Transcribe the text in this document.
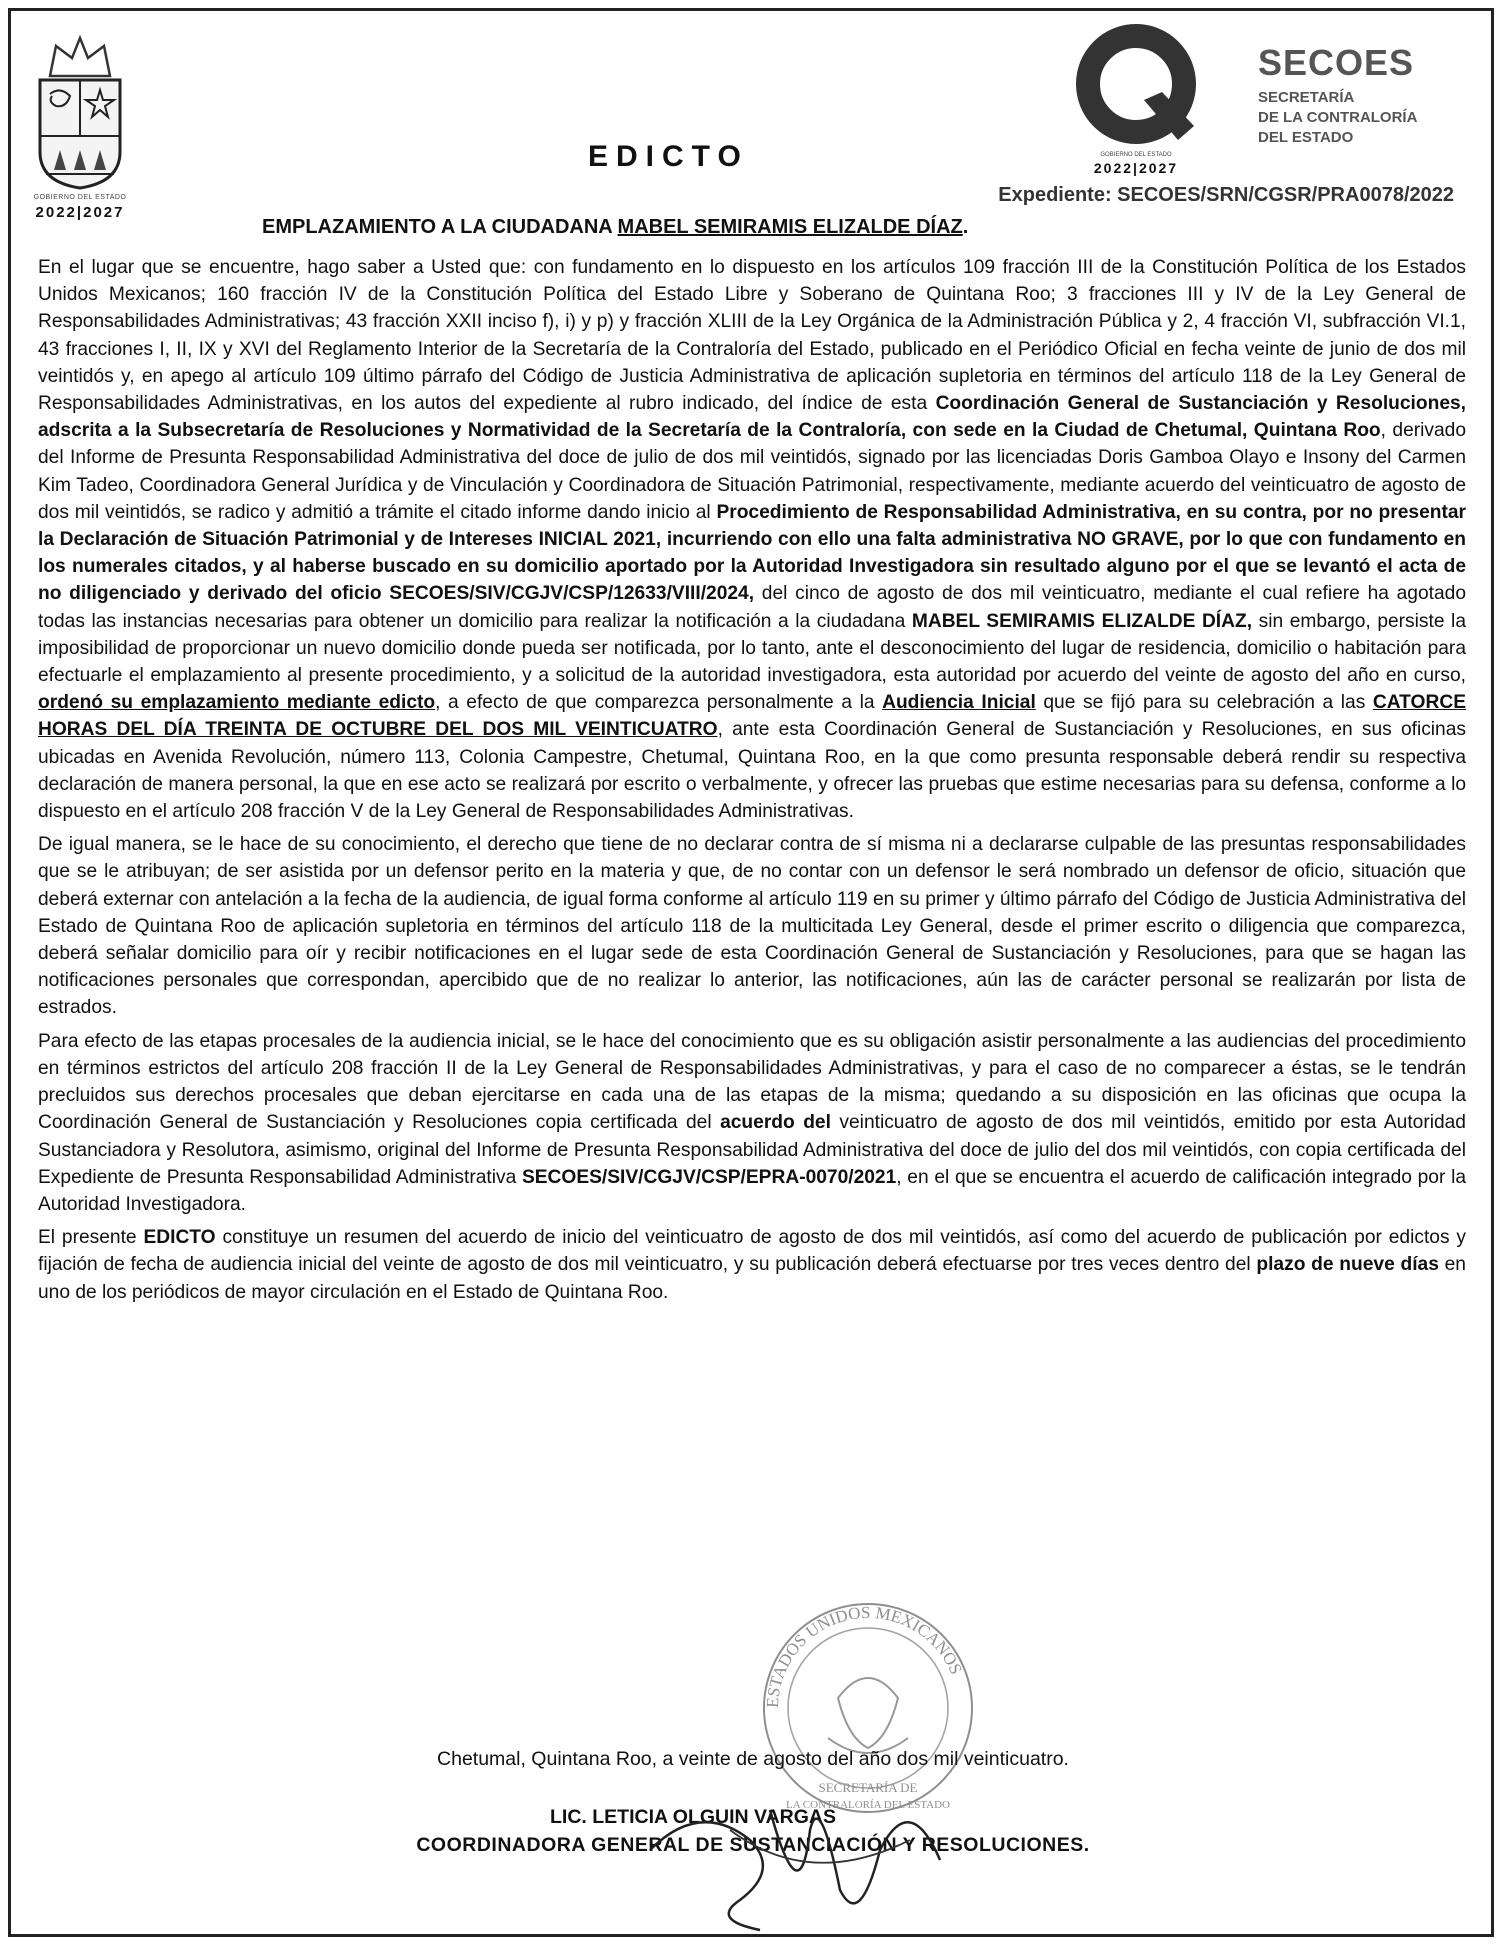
GOBIERNO DEL ESTADO
2022|2027
GOBIERNO DEL ESTADO
2022|2027
SECOES
SECRETARÍA
DE LA CONTRALORÍA
DEL ESTADO
EDICTO
Expediente: SECOES/SRN/CGSR/PRA0078/2022
EMPLAZAMIENTO A LA CIUDADANA MABEL SEMIRAMIS ELIZALDE DÍAZ.

En el lugar que se encuentre, hago saber a Usted que: con fundamento en lo dispuesto en los artículos 109 fracción III de la Constitución Política de los Estados Unidos Mexicanos; 160 fracción IV de la Constitución Política del Estado Libre y Soberano de Quintana Roo; 3 fracciones III y IV de la Ley General de Responsabilidades Administrativas; 43 fracción XXII inciso f), i) y p) y fracción XLIII de la Ley Orgánica de la Administración Pública y 2, 4 fracción VI, subfracción VI.1, 43 fracciones I, II, IX y XVI del Reglamento Interior de la Secretaría de la Contraloría del Estado, publicado en el Periódico Oficial en fecha veinte de junio de dos mil veintidós y, en apego al artículo 109 último párrafo del Código de Justicia Administrativa de aplicación supletoria en términos del artículo 118 de la Ley General de Responsabilidades Administrativas, en los autos del expediente al rubro indicado, del índice de esta Coordinación General de Sustanciación y Resoluciones, adscrita a la Subsecretaría de Resoluciones y Normatividad de la Secretaría de la Contraloría, con sede en la Ciudad de Chetumal, Quintana Roo, derivado del Informe de Presunta Responsabilidad Administrativa del doce de julio de dos mil veintidós, signado por las licenciadas Doris Gamboa Olayo e Insony del Carmen Kim Tadeo, Coordinadora General Jurídica y de Vinculación y Coordinadora de Situación Patrimonial, respectivamente, mediante acuerdo del veinticuatro de agosto de dos mil veintidós, se radico y admitió a trámite el citado informe dando inicio al Procedimiento de Responsabilidad Administrativa, en su contra, por no presentar la Declaración de Situación Patrimonial y de Intereses INICIAL 2021, incurriendo con ello una falta administrativa NO GRAVE, por lo que con fundamento en los numerales citados, y al haberse buscado en su domicilio aportado por la Autoridad Investigadora sin resultado alguno por el que se levantó el acta de no diligenciado y derivado del oficio SECOES/SIV/CGJV/CSP/12633/VIII/2024, del cinco de agosto de dos mil veinticuatro, mediante el cual refiere ha agotado todas las instancias necesarias para obtener un domicilio para realizar la notificación a la ciudadana MABEL SEMIRAMIS ELIZALDE DÍAZ, sin embargo, persiste la imposibilidad de proporcionar un nuevo domicilio donde pueda ser notificada, por lo tanto, ante el desconocimiento del lugar de residencia, domicilio o habitación para efectuarle el emplazamiento al presente procedimiento, y a solicitud de la autoridad investigadora, esta autoridad por acuerdo del veinte de agosto del año en curso, ordenó su emplazamiento mediante edicto, a efecto de que comparezca personalmente a la Audiencia Inicial que se fijó para su celebración a las CATORCE HORAS DEL DÍA TREINTA DE OCTUBRE DEL DOS MIL VEINTICUATRO, ante esta Coordinación General de Sustanciación y Resoluciones, en sus oficinas ubicadas en Avenida Revolución, número 113, Colonia Campestre, Chetumal, Quintana Roo, en la que como presunta responsable deberá rendir su respectiva declaración de manera personal, la que en ese acto se realizará por escrito o verbalmente, y ofrecer las pruebas que estime necesarias para su defensa, conforme a lo dispuesto en el artículo 208 fracción V de la Ley General de Responsabilidades Administrativas.

De igual manera, se le hace de su conocimiento, el derecho que tiene de no declarar contra de sí misma ni a declararse culpable de las presuntas responsabilidades que se le atribuyan; de ser asistida por un defensor perito en la materia y que, de no contar con un defensor le será nombrado un defensor de oficio, situación que deberá externar con antelación a la fecha de la audiencia, de igual forma conforme al artículo 119 en su primer y último párrafo del Código de Justicia Administrativa del Estado de Quintana Roo de aplicación supletoria en términos del artículo 118 de la multicitada Ley General, desde el primer escrito o diligencia que comparezca, deberá señalar domicilio para oír y recibir notificaciones en el lugar sede de esta Coordinación General de Sustanciación y Resoluciones, para que se hagan las notificaciones personales que correspondan, apercibido que de no realizar lo anterior, las notificaciones, aún las de carácter personal se realizarán por lista de estrados.

Para efecto de las etapas procesales de la audiencia inicial, se le hace del conocimiento que es su obligación asistir personalmente a las audiencias del procedimiento en términos estrictos del artículo 208 fracción II de la Ley General de Responsabilidades Administrativas, y para el caso de no comparecer a éstas, se le tendrán precluidos sus derechos procesales que deban ejercitarse en cada una de las etapas de la misma; quedando a su disposición en las oficinas que ocupa la Coordinación General de Sustanciación y Resoluciones copia certificada del acuerdo del veinticuatro de agosto de dos mil veintidós, emitido por esta Autoridad Sustanciadora y Resolutora, asimismo, original del Informe de Presunta Responsabilidad Administrativa del doce de julio del dos mil veintidós, con copia certificada del Expediente de Presunta Responsabilidad Administrativa SECOES/SIV/CGJV/CSP/EPRA-0070/2021, en el que se encuentra el acuerdo de calificación integrado por la Autoridad Investigadora.

El presente EDICTO constituye un resumen del acuerdo de inicio del veinticuatro de agosto de dos mil veintidós, así como del acuerdo de publicación por edictos y fijación de fecha de audiencia inicial del veinte de agosto de dos mil veinticuatro, y su publicación deberá efectuarse por tres veces dentro del plazo de nueve días en uno de los periódicos de mayor circulación en el Estado de Quintana Roo.

ESTADOS UNIDOS MEXICANOS
SECRETARÍA DE
LA CONTRALORÍA DEL ESTADO
Chetumal, Quintana Roo, a veinte de agosto del año dos mil veinticuatro.
LIC. LETICIA OLGUIN VARGAS
COORDINADORA GENERAL DE SUSTANCIACIÓN Y RESOLUCIONES.
